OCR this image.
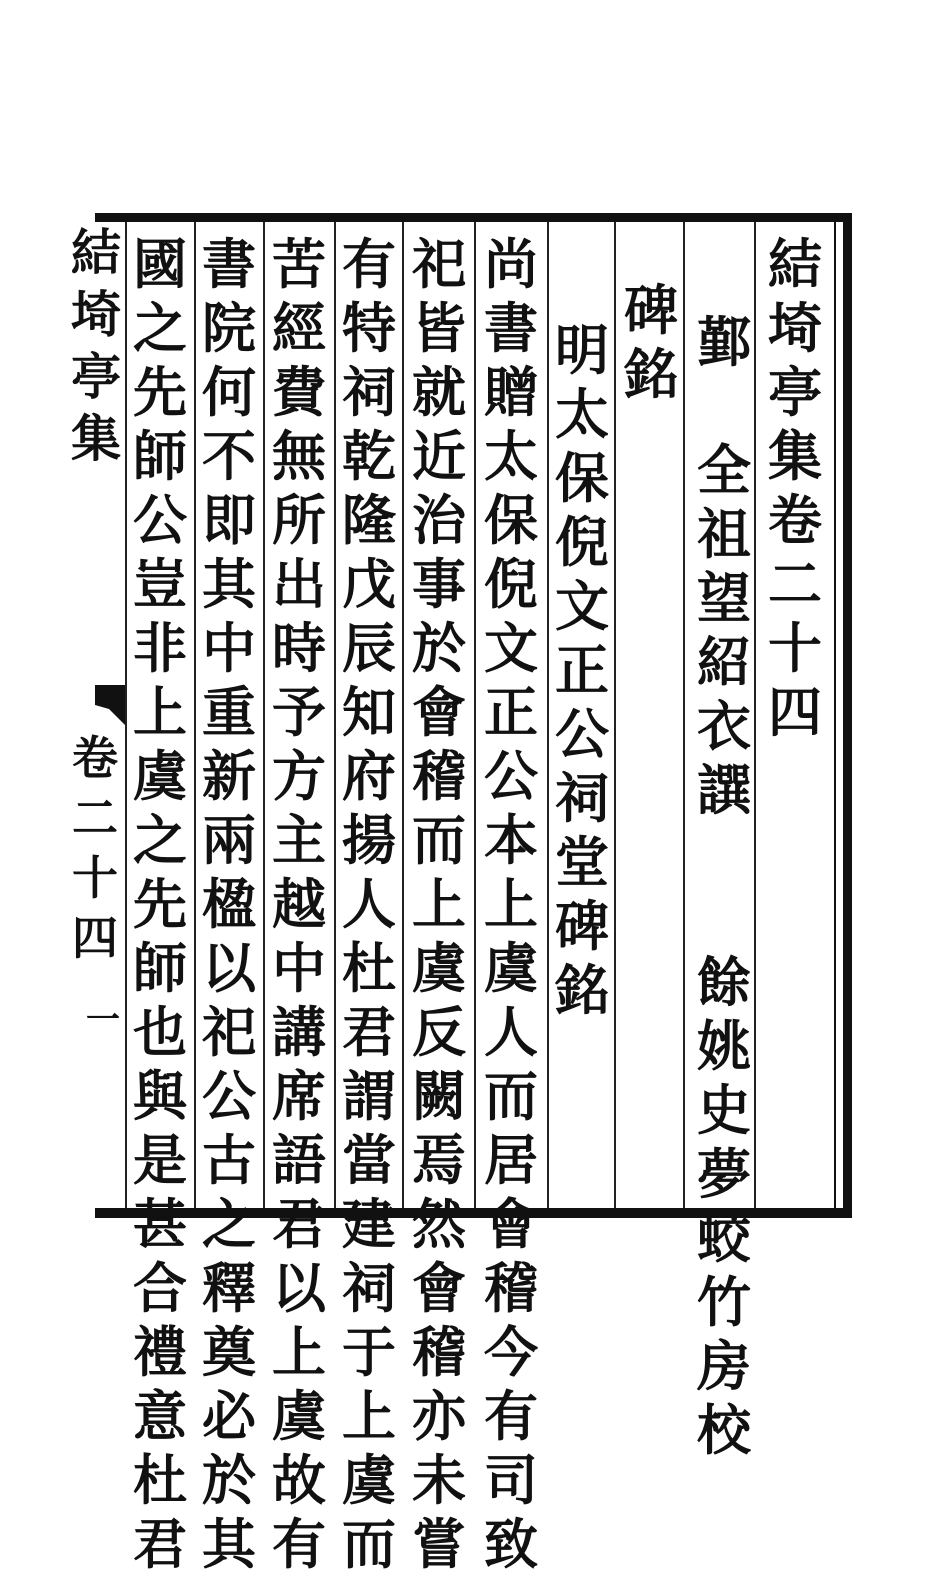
結
埼
亭
集
卷
二
十
四
鄞

全
祖
望
紹
衣
譔

餘
姚
史
夢
蛟
竹
房
校
碑
銘
明
太
保
倪
文
正
公
祠
堂
碑
銘
尚
書
贈
太
保
倪
文
正
公
本
上
虞
人
而
居
會
稽
今
有
司
致
祀
皆
就
近
治
事
於
會
稽
而
上
虞
反
闕
焉
然
會
稽
亦
未
嘗
有
特
祠
乾
隆
戊
辰
知
府
揚
人
杜
君
謂
當
建
祠
于
上
虞
而
苦
經
費
無
所
出
時
予
方
主
越
中
講
席
語
君
以
上
虞
故
有
書
院
何
不
即
其
中
重
新
兩
楹
以
祀
公
古
之
釋
奠
必
於
其
國
之
先
師
公
豈
非
上
虞
之
先
師
也
與
是
甚
合
禮
意
杜
君
結
埼
亭
集
卷
二
十
四
一
